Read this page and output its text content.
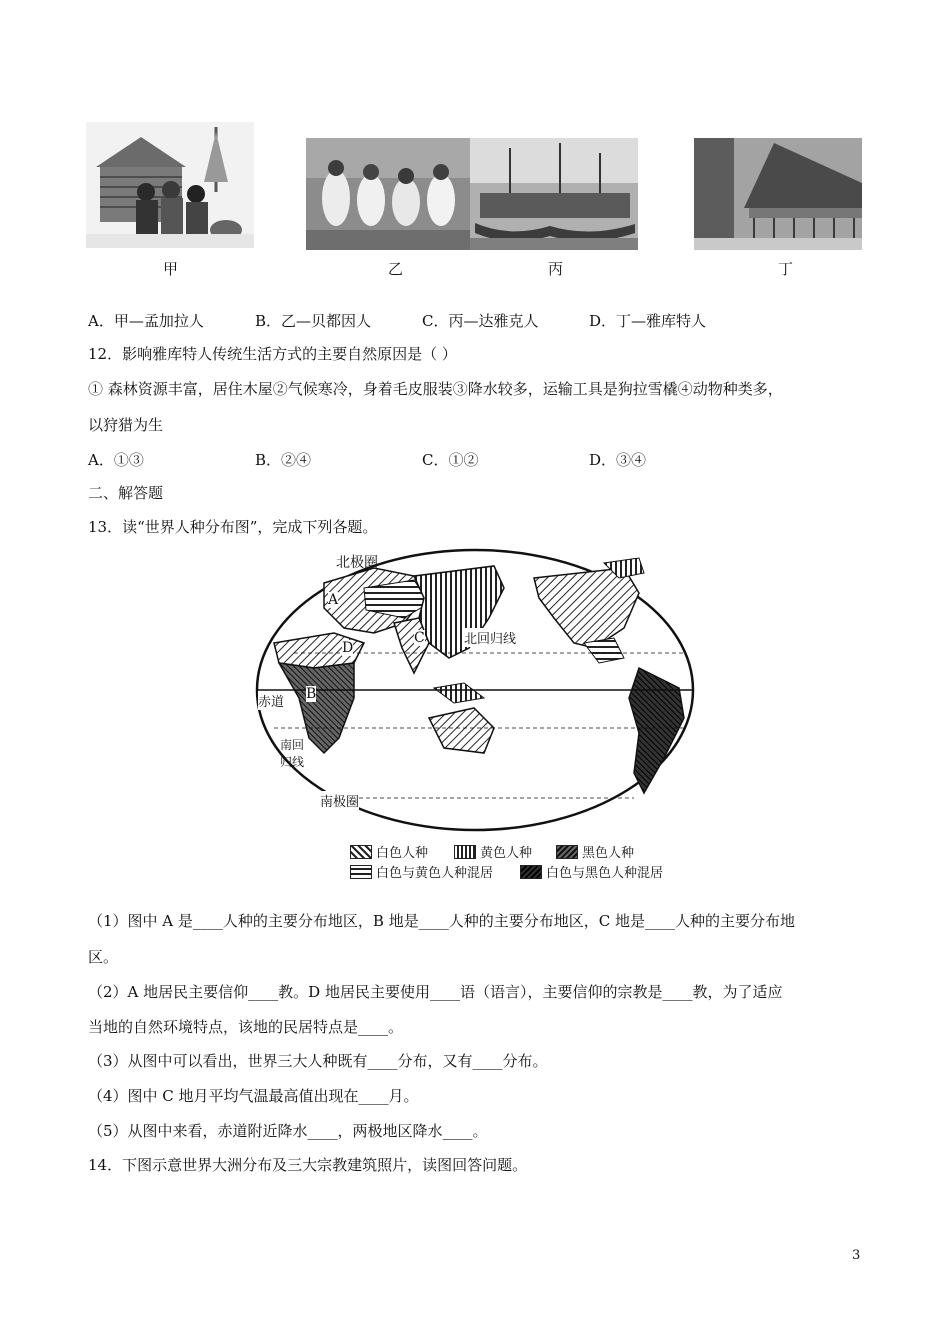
甲	乙	丙	丁
A．甲—孟加拉人	B．乙—贝都因人	C．丙—达雅克人	D．丁—雅库特人
12．影响雅库特人传统生活方式的主要自然原因是（ ）
① 森林资源丰富，居住木屋②气候寒冷，身着毛皮服装③降水较多，运输工具是狗拉雪橇④动物种类多，
以狩猎为生
A．①③	B．②④	C．①②	D．③④
二、解答题
13．读“世界人种分布图”，完成下列各题。
北极圈
北回归线
赤道
南回
归线
南极圈
A
B
C
D
白色人种	黄色人种	黑色人种
白色与黄色人种混居	白色与黑色人种混居
（1）图中 A 是____人种的主要分布地区，B 地是____人种的主要分布地区，C 地是____人种的主要分布地
区。
（2）A 地居民主要信仰____教。D 地居民主要使用____语（语言），主要信仰的宗教是____教，为了适应
当地的自然环境特点，该地的民居特点是____。
（3）从图中可以看出，世界三大人种既有____分布，又有____分布。
（4）图中 C 地月平均气温最高值出现在____月。
（5）从图中来看，赤道附近降水____，两极地区降水____。
14．下图示意世界大洲分布及三大宗教建筑照片，读图回答问题。
3
